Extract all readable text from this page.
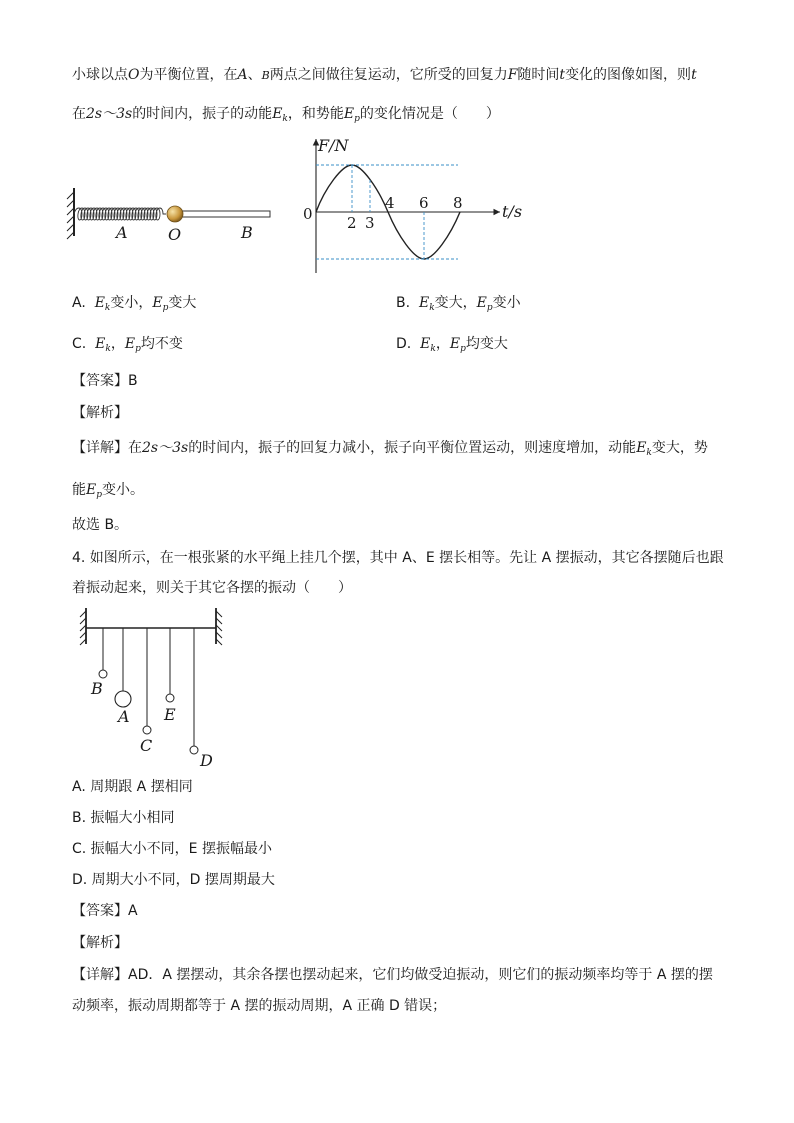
小球以点O为平衡位置，在A、B两点之间做往复运动，它所受的回复力F随时间t变化的图像如图，则t
在2s～3s的时间内，振子的动能$E_k$，和势能$E_p$的变化情况是（　　）
A	O	B
F/N
t/s
0 2 3
4 6 8
A. $E_k$变小，$E_p$变大	B. $E_k$变大，$E_p$变小
C. $E_k$，$E_p$均不变	D. $E_k$，$E_p$均变大
【答案】B
【解析】
【详解】在2s～3s的时间内，振子的回复力减小，振子向平衡位置运动，则速度增加，动能$E_k$变大，势
能$E_p$变小。
故选 B。
4. 如图所示，在一根张紧的水平绳上挂几个摆，其中 A、E 摆长相等。先让 A 摆振动，其它各摆随后也跟
着振动起来，则关于其它各摆的振动（　　）
B
A E
C
D
A. 周期跟 A 摆相同
B. 振幅大小相同
C. 振幅大小不同，E 摆振幅最小
D. 周期大小不同，D 摆周期最大
【答案】A
【解析】
【详解】AD．A 摆摆动，其余各摆也摆动起来，它们均做受迫振动，则它们的振动频率均等于 A 摆的摆
动频率，振动周期都等于 A 摆的振动周期，A 正确 D 错误；
